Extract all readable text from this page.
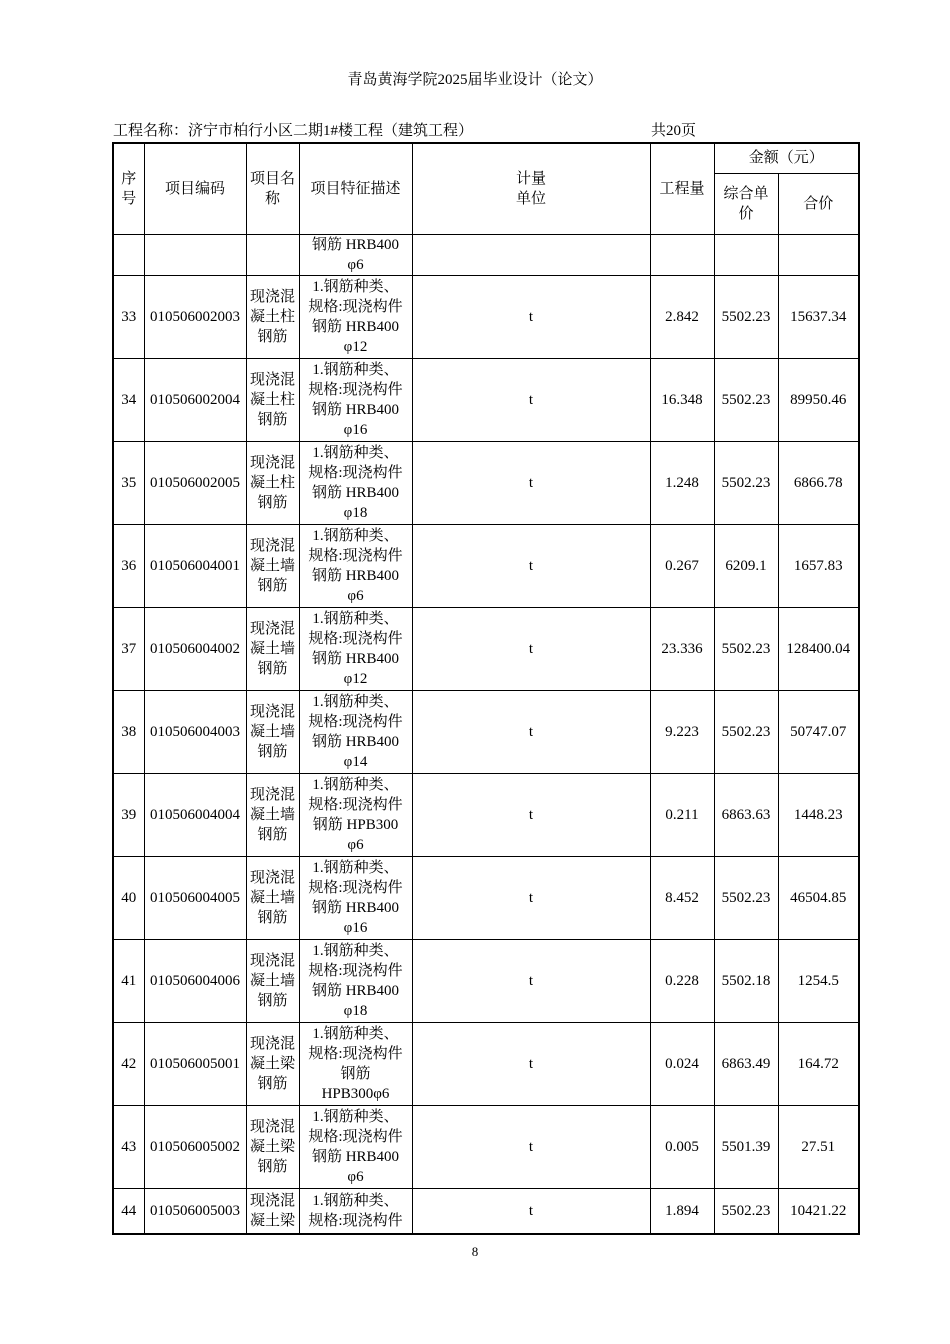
青岛黄海学院2025届毕业设计（论文）
工程名称：济宁市柏行小区二期1#楼工程（建筑工程）	共20页
序号	项目编码	项目名称	项目特征描述	计量单位	工程量	金额（元）	
						综合单价	合价

			钢筋 HRB400
φ6				

33	010506002003	现浇混凝土柱钢筋	1.钢筋种类、
规格:现浇构件
钢筋 HRB400
φ12	t	2.842	5502.23	15637.34
34	010506002004	现浇混凝土柱钢筋	1.钢筋种类、
规格:现浇构件
钢筋 HRB400
φ16	t	16.348	5502.23	89950.46
35	010506002005	现浇混凝土柱钢筋	1.钢筋种类、
规格:现浇构件
钢筋 HRB400
φ18	t	1.248	5502.23	6866.78
36	010506004001	现浇混凝土墙钢筋	1.钢筋种类、
规格:现浇构件
钢筋 HRB400
φ6	t	0.267	6209.1	1657.83
37	010506004002	现浇混凝土墙钢筋	1.钢筋种类、
规格:现浇构件
钢筋 HRB400
φ12	t	23.336	5502.23	128400.04
38	010506004003	现浇混凝土墙钢筋	1.钢筋种类、
规格:现浇构件
钢筋 HRB400
φ14	t	9.223	5502.23	50747.07
39	010506004004	现浇混凝土墙钢筋	1.钢筋种类、
规格:现浇构件
钢筋 HPB300
φ6	t	0.211	6863.63	1448.23
40	010506004005	现浇混凝土墙钢筋	1.钢筋种类、
规格:现浇构件
钢筋 HRB400
φ16	t	8.452	5502.23	46504.85
41	010506004006	现浇混凝土墙钢筋	1.钢筋种类、
规格:现浇构件
钢筋 HRB400
φ18	t	0.228	5502.18	1254.5
42	010506005001	现浇混凝土梁钢筋	1.钢筋种类、
规格:现浇构件
钢筋
HPB300φ6	t	0.024	6863.49	164.72
43	010506005002	现浇混凝土梁钢筋	1.钢筋种类、
规格:现浇构件
钢筋 HRB400
φ6	t	0.005	5501.39	27.51
44	010506005003	现浇混凝土梁	1.钢筋种类、
规格:现浇构件	t	1.894	5502.23	10421.22
8
